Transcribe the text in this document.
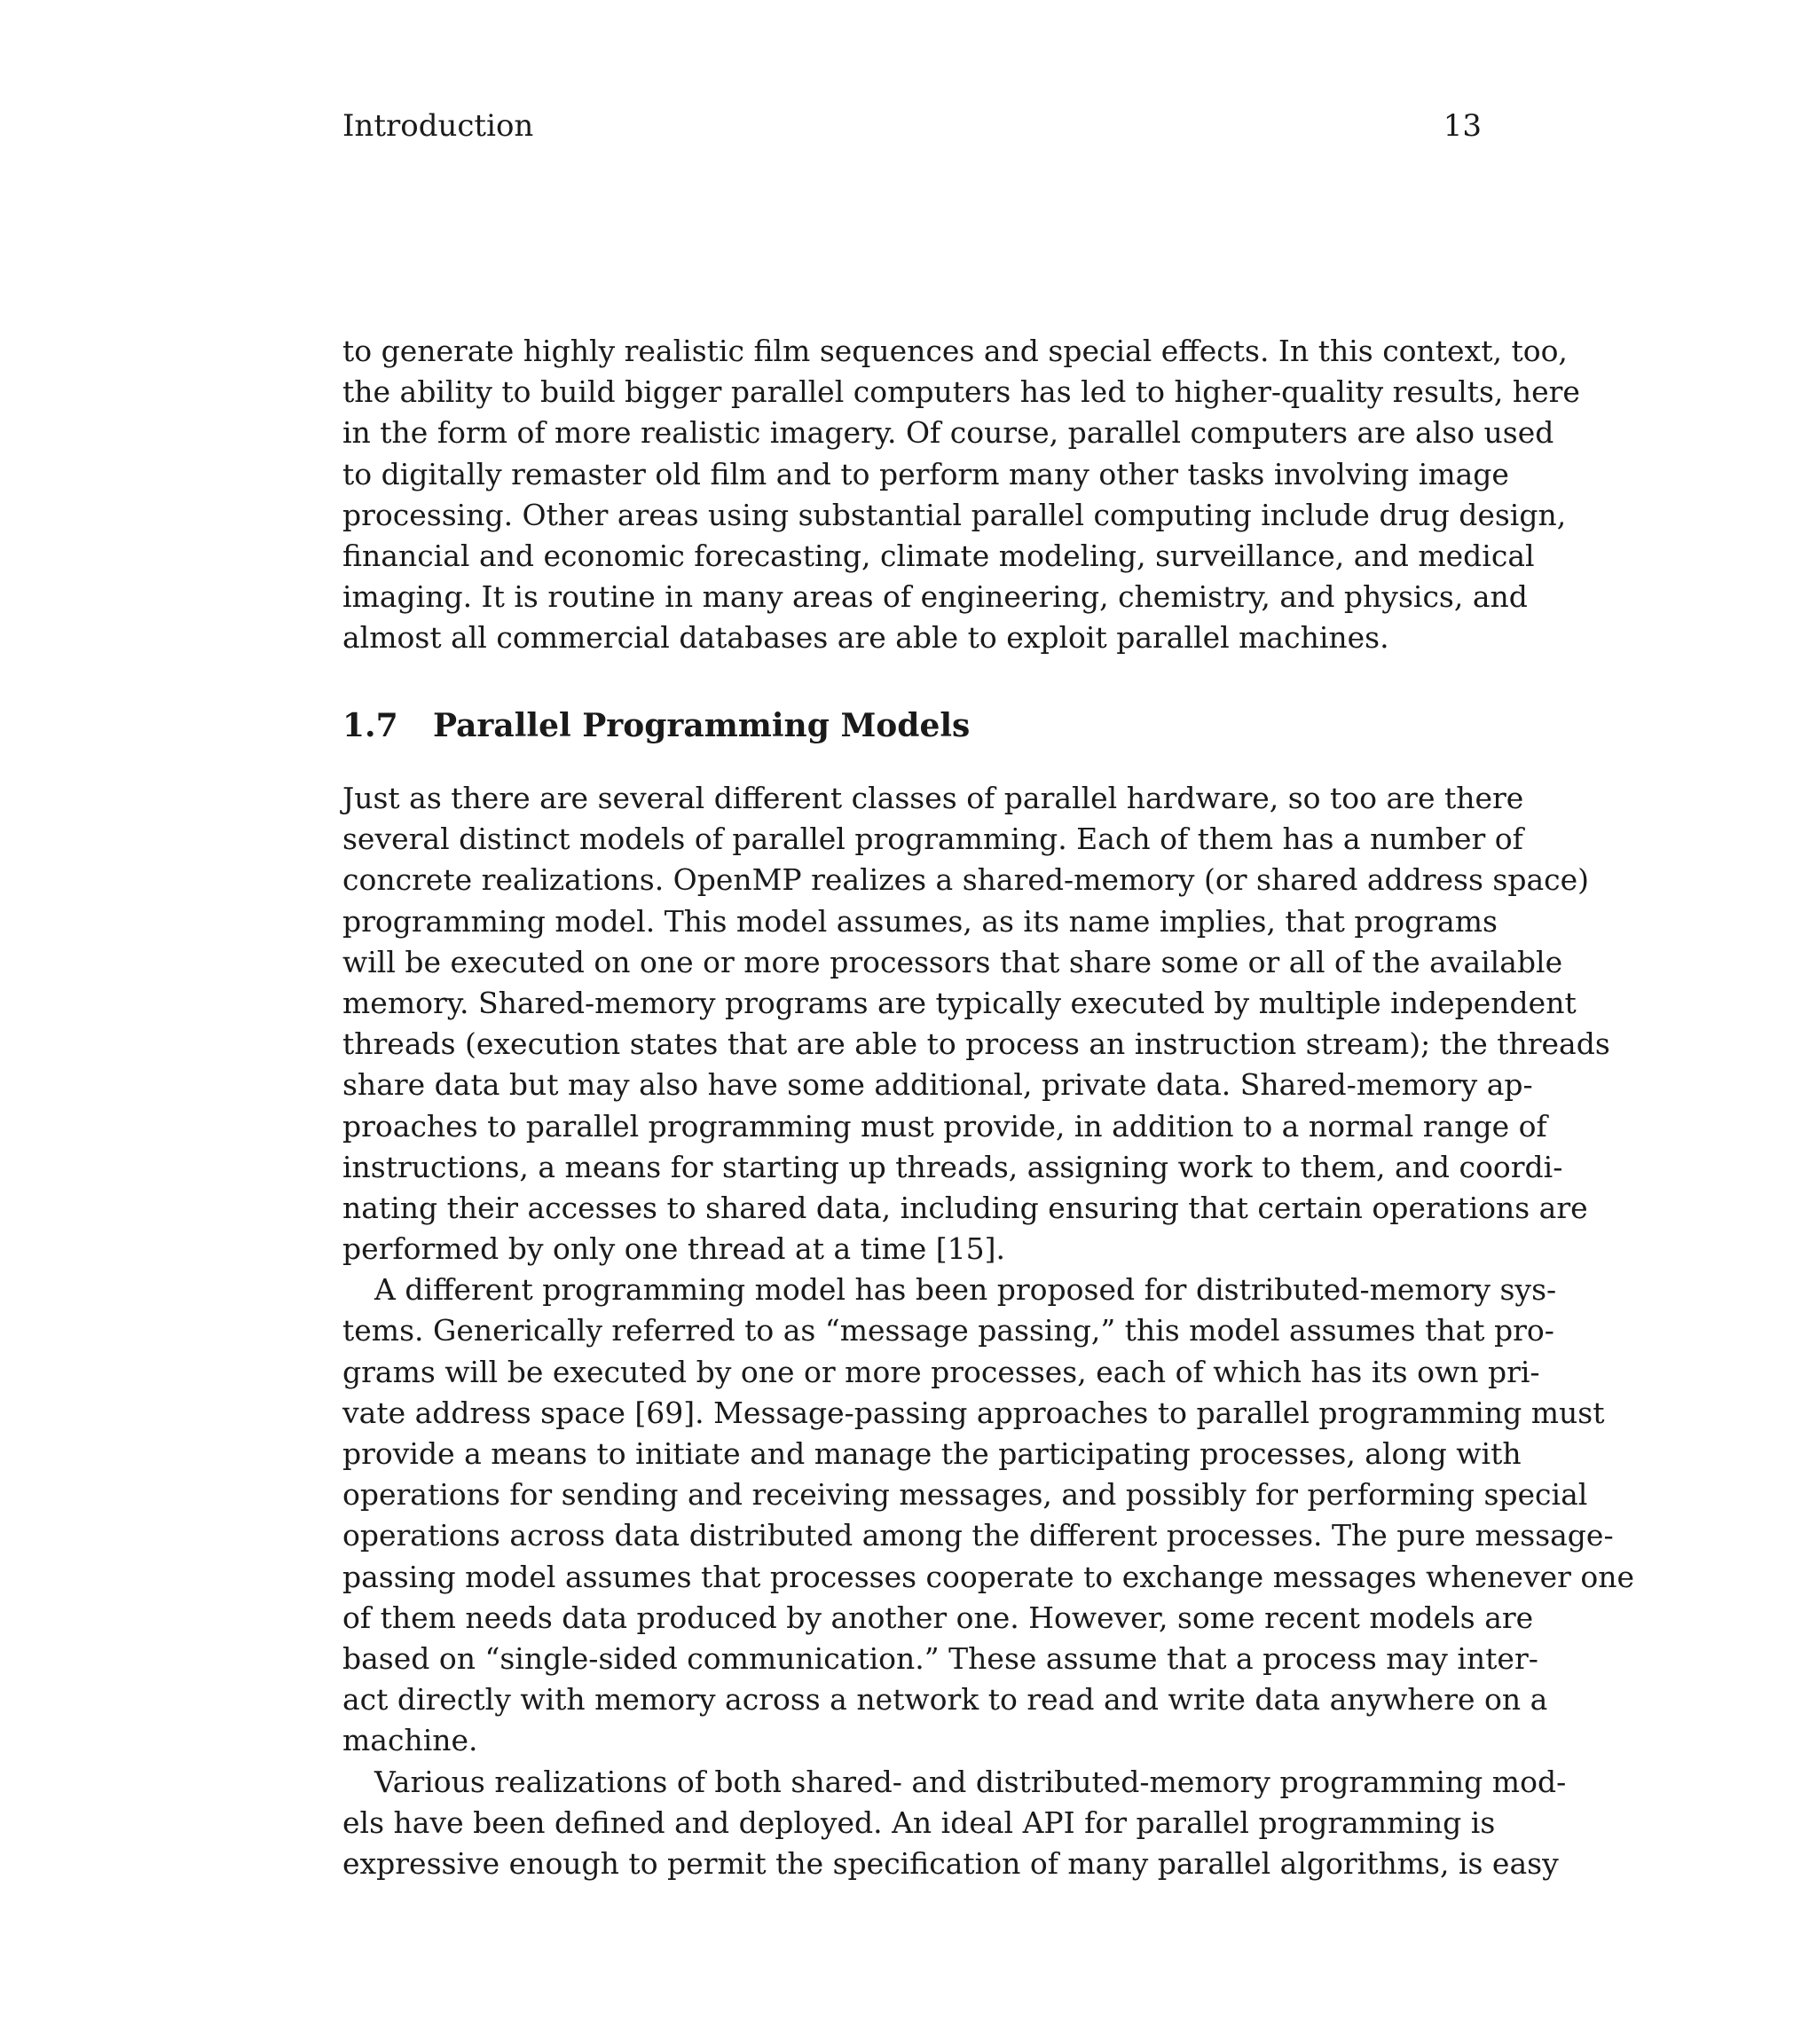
Introduction	13
to generate highly realistic film sequences and special effects. In this context, too,
the ability to build bigger parallel computers has led to higher-quality results, here
in the form of more realistic imagery. Of course, parallel computers are also used
to digitally remaster old film and to perform many other tasks involving image
processing. Other areas using substantial parallel computing include drug design,
financial and economic forecasting, climate modeling, surveillance, and medical
imaging. It is routine in many areas of engineering, chemistry, and physics, and
almost all commercial databases are able to exploit parallel machines.
1.7 Parallel Programming Models
Just as there are several different classes of parallel hardware, so too are there
several distinct models of parallel programming. Each of them has a number of
concrete realizations. OpenMP realizes a shared-memory (or shared address space)
programming model. This model assumes, as its name implies, that programs
will be executed on one or more processors that share some or all of the available
memory. Shared-memory programs are typically executed by multiple independent
threads (execution states that are able to process an instruction stream); the threads
share data but may also have some additional, private data. Shared-memory ap-
proaches to parallel programming must provide, in addition to a normal range of
instructions, a means for starting up threads, assigning work to them, and coordi-
nating their accesses to shared data, including ensuring that certain operations are
performed by only one thread at a time [15].
A different programming model has been proposed for distributed-memory sys-
tems. Generically referred to as “message passing,” this model assumes that pro-
grams will be executed by one or more processes, each of which has its own pri-
vate address space [69]. Message-passing approaches to parallel programming must
provide a means to initiate and manage the participating processes, along with
operations for sending and receiving messages, and possibly for performing special
operations across data distributed among the different processes. The pure message-
passing model assumes that processes cooperate to exchange messages whenever one
of them needs data produced by another one. However, some recent models are
based on “single-sided communication.” These assume that a process may inter-
act directly with memory across a network to read and write data anywhere on a
machine.
Various realizations of both shared- and distributed-memory programming mod-
els have been defined and deployed. An ideal API for parallel programming is
expressive enough to permit the specification of many parallel algorithms, is easy
